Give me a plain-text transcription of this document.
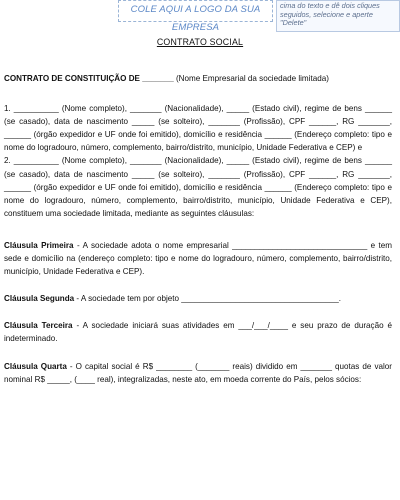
COLE AQUI A LOGO DA SUA EMPRESA
cima do texto e dê dois cliques seguidos, selecione e aperte "Delete"
CONTRATO SOCIAL

CONTRATO DE CONSTITUIÇÃO DE _______ (Nome Empresarial da sociedade limitada)

1. __________ (Nome completo), _______ (Nacionalidade), _____ (Estado civil), regime de bens ______ (se casado), data de nascimento _____ (se solteiro), _______ (Profissão), CPF ______, RG _______, ______ (órgão expedidor e UF onde foi emitido), domicílio e residência ______ (Endereço completo: tipo e nome do logradouro, número, complemento, bairro/distrito, município, Unidade Federativa e CEP) e

2. __________ (Nome completo), _______ (Nacionalidade), _____ (Estado civil), regime de bens ______ (se casado), data de nascimento _____ (se solteiro), _______ (Profissão), CPF ______, RG _______, ______ (órgão expedidor e UF onde foi emitido), domicílio e residência ______ (Endereço completo: tipo e nome do logradouro, número, complemento, bairro/distrito, município, Unidade Federativa e CEP), constituem uma sociedade limitada, mediante as seguintes cláusulas:

Cláusula Primeira - A sociedade adota o nome empresarial ______________________________ e tem sede e domicílio na (endereço completo: tipo e nome do logradouro, número, complemento, bairro/distrito, município, Unidade Federativa e CEP).

Cláusula Segunda - A sociedade tem por objeto ___________________________________.

Cláusula Terceira - A sociedade iniciará suas atividades em ___/___/____ e seu prazo de duração é indeterminado.

Cláusula Quarta - O capital social é R$ ________ (_______ reais) dividido em _______ quotas de valor nominal R$ _____, (____ real), integralizadas, neste ato, em moeda corrente do País, pelos sócios:
